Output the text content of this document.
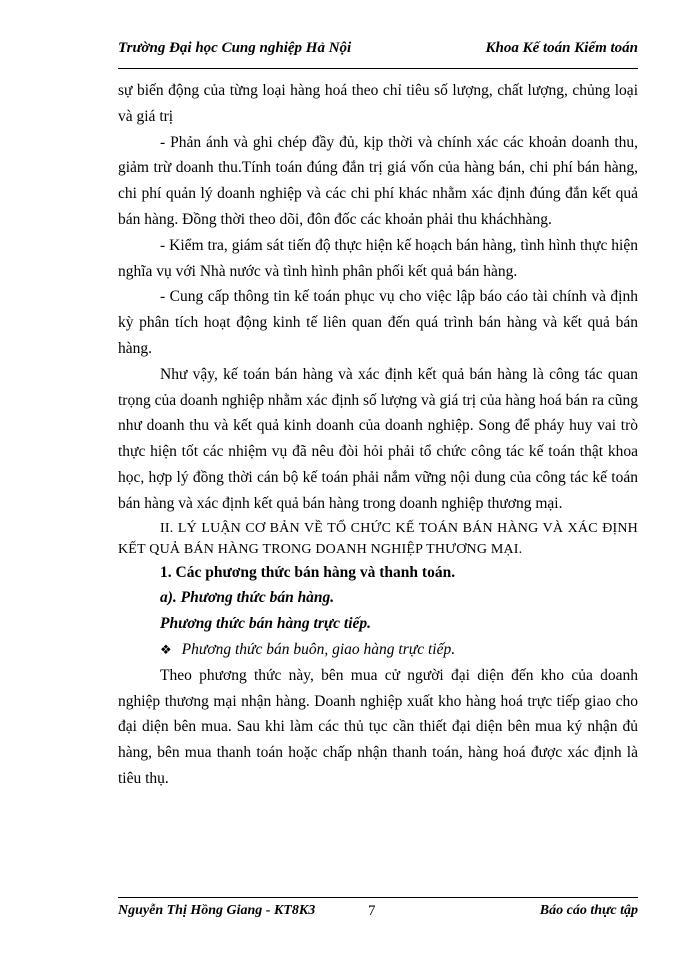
Trường Đại học Cung nghiệp Hả Nội	Khoa Kế toán Kiểm toán

sự biến động của từng loại hàng hoá theo chỉ tiêu số lượng, chất lượng, chủng loại và giá trị

- Phản ánh và ghi chép đầy đủ, kịp thời và chính xác các khoản doanh thu, giảm trừ doanh thu.Tính toán đúng đắn trị giá vốn của hàng bán, chi phí bán hàng, chi phí quản lý doanh nghiệp và các chi phí khác nhằm xác định đúng đắn kết quả bán hàng. Đồng thời theo dõi, đôn đốc các khoản phải thu kháchhàng.

- Kiểm tra, giám sát tiến độ thực hiện kế hoạch bán hàng, tình hình thực hiện nghĩa vụ với Nhà nước và tình hình phân phối kết quả bán hàng.

- Cung cấp thông tin kế toán phục vụ cho việc lập báo cáo tài chính và định kỳ phân tích hoạt động kinh tế liên quan đến quá trình bán hàng và kết quả bán hàng.

Như vậy, kế toán bán hàng và xác định kết quả bán hàng là công tác quan trọng của doanh nghiệp nhằm xác định số lượng và giá trị của hàng hoá bán ra cũng như doanh thu và kết quả kinh doanh của doanh nghiệp. Song để pháy huy vai trò thực hiện tốt các nhiệm vụ đã nêu đòi hỏi phải tổ chức công tác kế toán thật khoa học, hợp lý đồng thời cán bộ kế toán phải nắm vững nội dung của công tác kế toán bán hàng và xác định kết quả bán hàng trong doanh nghiệp thương mại.

II. LÝ LUẬN CƠ BẢN VỀ TỔ CHỨC KẾ TOÁN BÁN HÀNG VÀ XÁC ĐỊNH KẾT QUẢ BÁN HÀNG TRONG DOANH NGHIỆP THƯƠNG MẠI.

1. Các phương thức bán hàng và thanh toán.

a). Phương thức bán hàng.

Phương thức bán hàng trực tiếp.

❖ Phương thức bán buôn, giao hàng trực tiếp.

Theo phương thức này, bên mua cử người đại diện đến kho của doanh nghiệp thương mại nhận hàng. Doanh nghiệp xuất kho hàng hoá trực tiếp giao cho đại diện bên mua. Sau khi làm các thủ tục cần thiết đại diện bên mua ký nhận đủ hàng, bên mua thanh toán hoặc chấp nhận thanh toán, hàng hoá được xác định là tiêu thụ.

Nguyễn Thị Hồng Giang - KT8K3	7	Báo cáo thực tập
